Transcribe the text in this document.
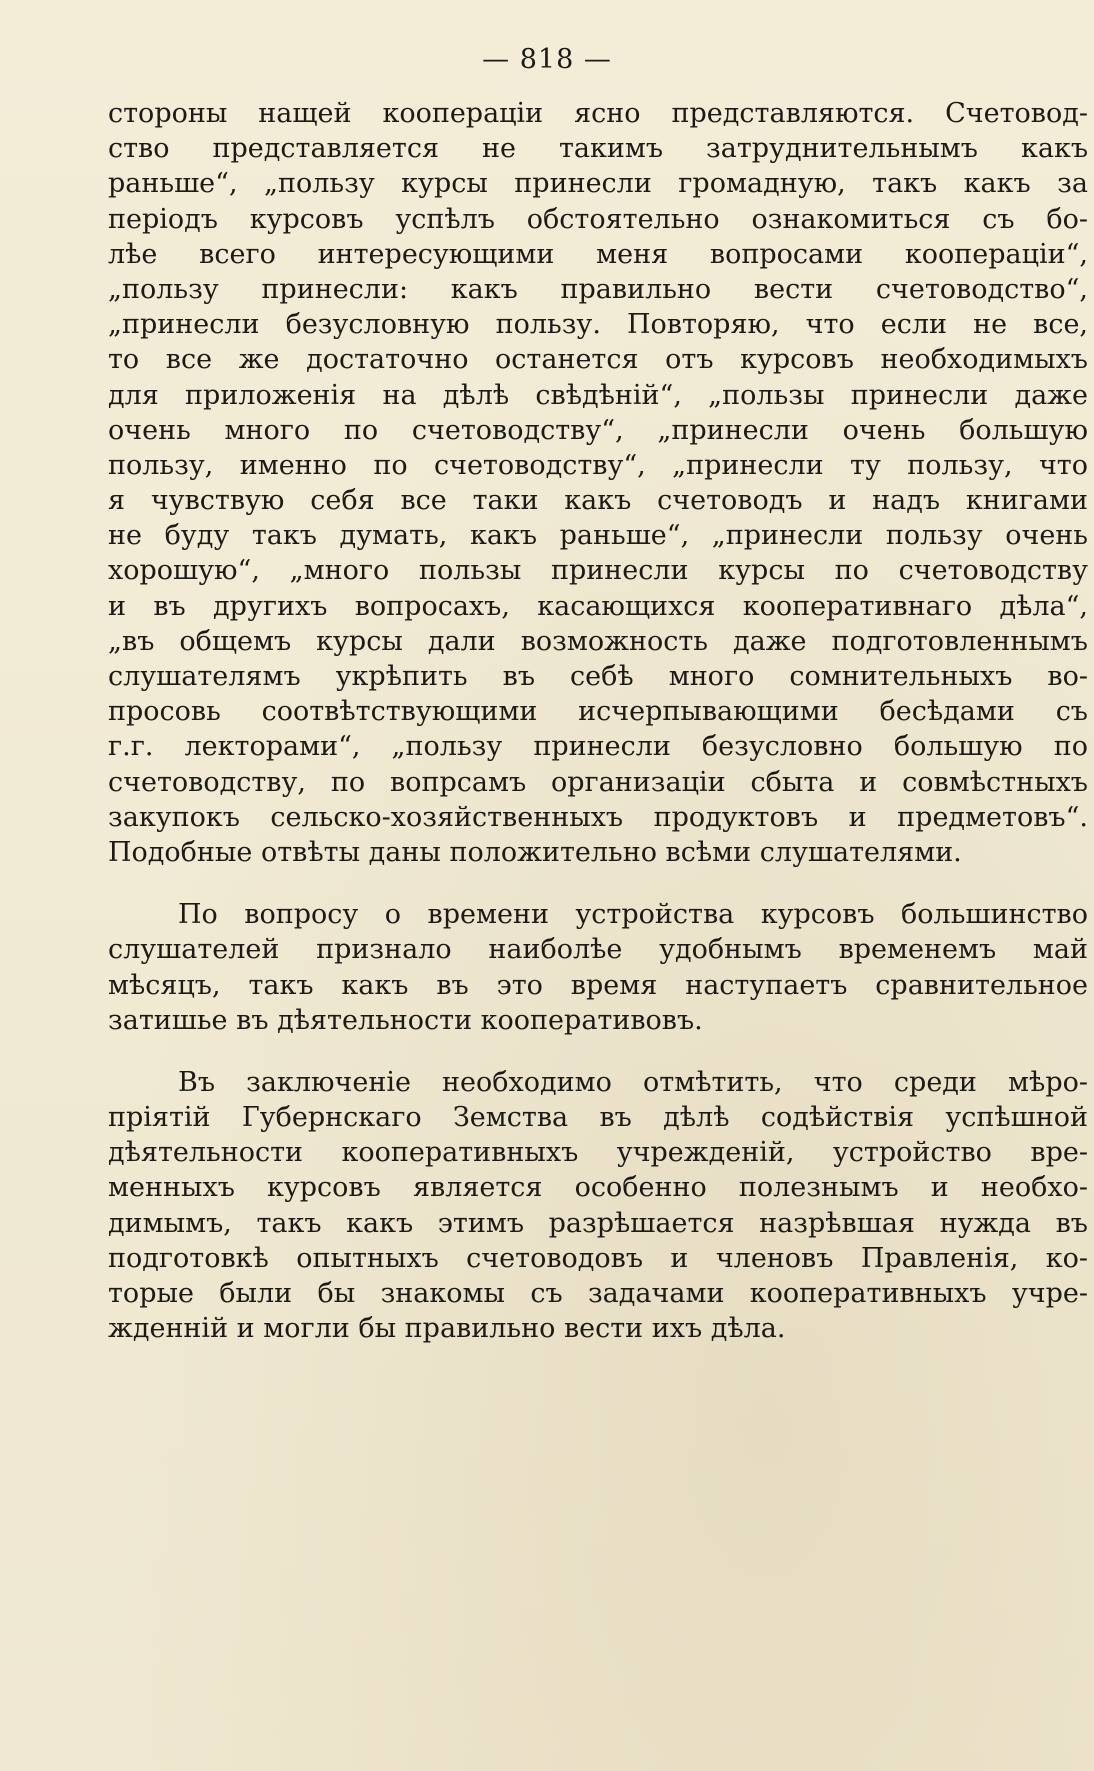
— 818 —
стороны нащей коопераціи ясно представляются. Счетовод-
ство представляется не такимъ затруднительнымъ какъ
раньше“, „пользу курсы принесли громадную, такъ какъ за
періодъ курсовъ успѣлъ обстоятельно ознакомиться съ бо-
лѣе всего интересующими меня вопросами коопераціи“,
„пользу принесли: какъ правильно вести счетоводство“,
„принесли безусловную пользу. Повторяю, что если не все,
то все же достаточно останется отъ курсовъ необходимыхъ
для приложенія на дѣлѣ свѣдѣній“, „пользы принесли даже
очень много по счетоводству“, „принесли очень большую
пользу, именно по счетоводству“, „принесли ту пользу, что
я чувствую себя все таки какъ счетоводъ и надъ книгами
не буду такъ думать, какъ раньше“, „принесли пользу очень
хорошую“, „много пользы принесли курсы по счетоводству
и въ другихъ вопросахъ, касающихся кооперативнаго дѣла“,
„въ общемъ курсы дали возможность даже подготовленнымъ
слушателямъ укрѣпить въ себѣ много сомнительныхъ во-
просовь соотвѣтствующими исчерпывающими бесѣдами съ
г.г. лекторами“, „пользу принесли безусловно большую по
счетоводству, по вопрсамъ организаціи сбыта и совмѣстныхъ
закупокъ сельско-хозяйственныхъ продуктовъ и предметовъ“.
Подобные отвѣты даны положительно всѣми слушателями.
По вопросу о времени устройства курсовъ большинство
слушателей признало наиболѣе удобнымъ временемъ май
мѣсяцъ, такъ какъ въ это время наступаетъ сравнительное
затишье въ дѣятельности кооперативовъ.
Въ заключеніе необходимо отмѣтить, что среди мѣро-
пріятій Губернскаго Земства въ дѣлѣ содѣйствія успѣшной
дѣятельности кооперативныхъ учрежденій, устройство вре-
менныхъ курсовъ является особенно полезнымъ и необхо-
димымъ, такъ какъ этимъ разрѣшается назрѣвшая нужда въ
подготовкѣ опытныхъ счетоводовъ и членовъ Правленія, ко-
торые были бы знакомы съ задачами кооперативныхъ учре-
жденній и могли бы правильно вести ихъ дѣла.
